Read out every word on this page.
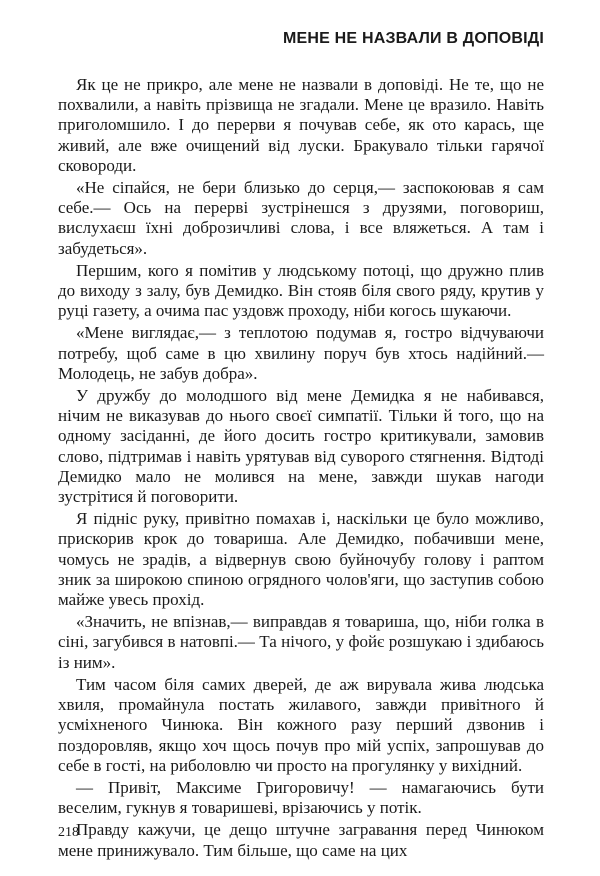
МЕНЕ НЕ НАЗВАЛИ В ДОПОВІДІ

Як це не прикро, але мене не назвали в доповіді. Не те, що не похвалили, а навіть прізвища не згадали. Мене це вразило. Навіть приголомшило. І до перерви я почував себе, як ото карась, ще живий, але вже очищений від луски. Бракувало тільки гарячої сковороди.

«Не сіпайся, не бери близько до серця,— заспокоював я сам себе.— Ось на перерві зустрінешся з друзями, поговориш, вислухаєш їхні доброзичливі слова, і все вляжеться. А там і забудеться».

Першим, кого я помітив у людському потоці, що дружно плив до виходу з залу, був Демидко. Він стояв біля свого ряду, крутив у руці газету, а очима пас уздовж проходу, ніби когось шукаючи.

«Мене виглядає,— з теплотою подумав я, гостро відчуваючи потребу, щоб саме в цю хвилину поруч був хтось надійний.— Молодець, не забув добра».

У дружбу до молодшого від мене Демидка я не набивався, нічим не виказував до нього своєї симпатії. Тільки й того, що на одному засіданні, де його досить гостро критикували, замовив слово, підтримав і навіть урятував від суворого стягнення. Відтоді Демидко мало не молився на мене, завжди шукав нагоди зустрітися й поговорити.

Я підніс руку, привітно помахав і, наскільки це було можливо, прискорив крок до товариша. Але Демидко, побачивши мене, чомусь не зрадів, а відвернув свою буйночубу голову і раптом зник за широкою спиною огрядного чолов'яги, що заступив собою майже увесь прохід.

«Значить, не впізнав,— виправдав я товариша, що, ніби голка в сіні, загубився в натовпі.— Та нічого, у фойє розшукаю і здибаюсь із ним».

Тим часом біля самих дверей, де аж вирувала жива людська хвиля, промайнула постать жилавого, завжди привітного й усміхненого Чинюка. Він кожного разу перший дзвонив і поздоровляв, якщо хоч щось почув про мій успіх, запрошував до себе в гості, на риболовлю чи просто на прогулянку у вихідний.

— Привіт, Максиме Григоровичу! — намагаючись бути веселим, гукнув я товаришеві, врізаючись у потік.

Правду кажучи, це дещо штучне загравання перед Чинюком мене принижувало. Тим більше, що саме на цих

218
